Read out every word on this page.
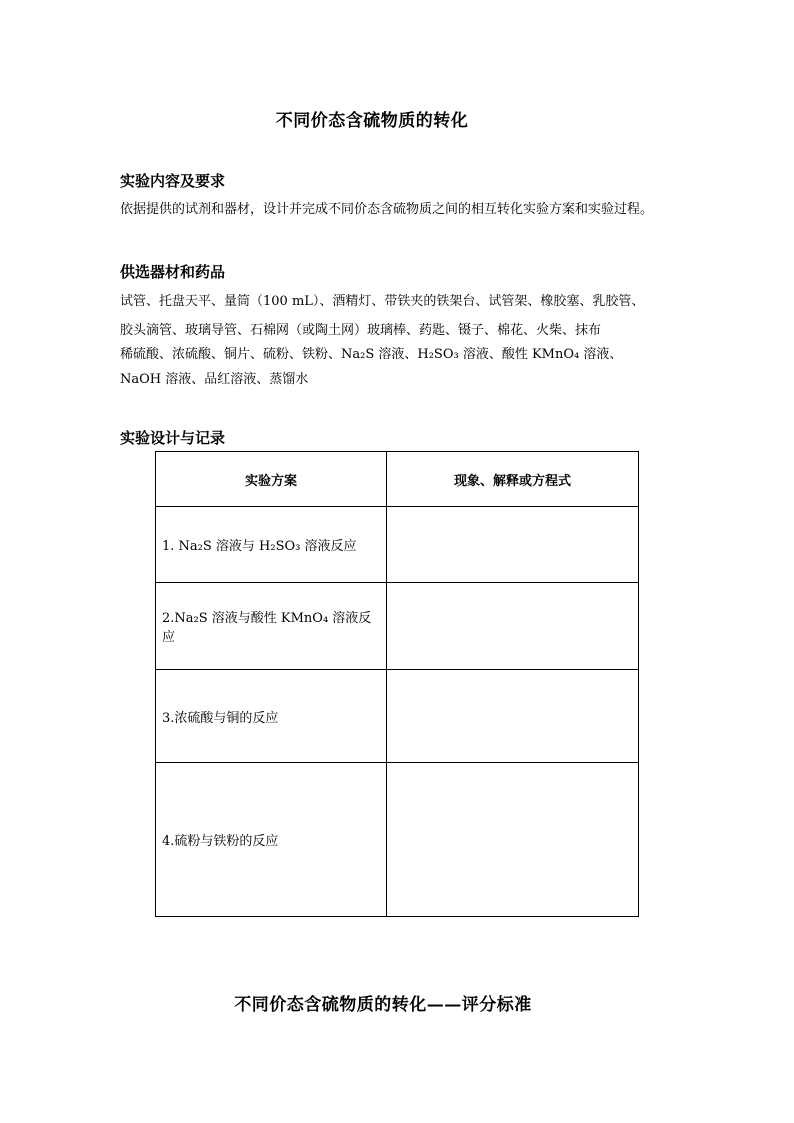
不同价态含硫物质的转化
实验内容及要求
依据提供的试剂和器材，设计并完成不同价态含硫物质之间的相互转化实验方案和实验过程。
供选器材和药品
试管、托盘天平、量筒（100 mL）、酒精灯、带铁夹的铁架台、试管架、橡胶塞、乳胶管、
胶头滴管、玻璃导管、石棉网（或陶土网）玻璃棒、药匙、镊子、棉花、火柴、抹布
稀硫酸、浓硫酸、铜片、硫粉、铁粉、Na₂S 溶液、H₂SO₃ 溶液、酸性 KMnO₄ 溶液、
NaOH 溶液、品红溶液、蒸馏水
实验设计与记录
实验方案	现象、解释或方程式
1. Na₂S 溶液与 H₂SO₃ 溶液反应	
2.Na₂S 溶液与酸性 KMnO₄ 溶液反应	
3.浓硫酸与铜的反应	
4.硫粉与铁粉的反应	
不同价态含硫物质的转化——评分标准
